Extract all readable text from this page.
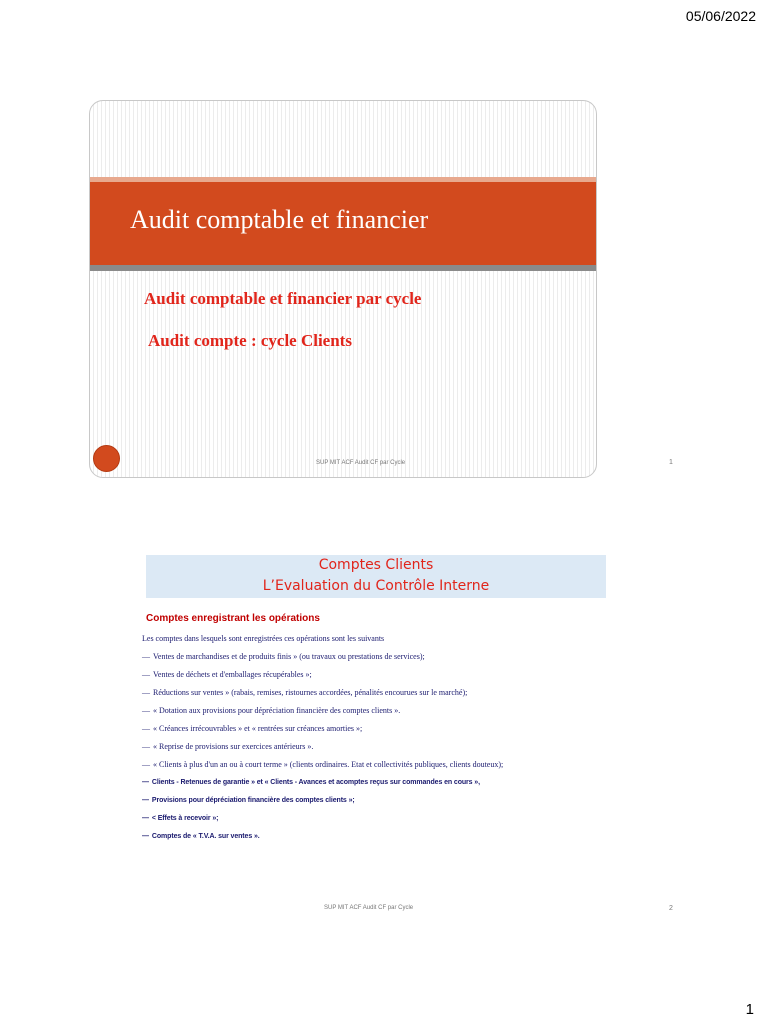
05/06/2022
Audit comptable et financier
Audit comptable et financier par cycle
Audit compte : cycle Clients
SUP MIT ACF Audit CF par Cycle	1
Comptes Clients
L’Evaluation du Contrôle Interne
Comptes enregistrant les opérations
Les comptes dans lesquels sont enregistrées ces opérations sont les suivants
— Ventes de marchandises et de produits finis » (ou travaux ou prestations de services);
— Ventes de déchets et d'emballages récupérables »;
— Réductions sur ventes » (rabais, remises, ristournes accordées, pénalités encourues sur le marché);
— « Dotation aux provisions pour dépréciation financière des comptes clients ».
— « Créances irrécouvrables » et « rentrées sur créances amorties »;
— « Reprise de provisions sur exercices antérieurs ».
— « Clients à plus d'un an ou à court terme » (clients ordinaires. Etat et collectivités publiques, clients douteux);
— Clients - Retenues de garantie » et « Clients - Avances et acomptes reçus sur commandes en cours »,
— Provisions pour dépréciation financière des comptes clients »;
— < Effets à recevoir »;
— Comptes de « T.V.A. sur ventes ».
SUP MIT ACF Audit CF par Cycle	2
1
